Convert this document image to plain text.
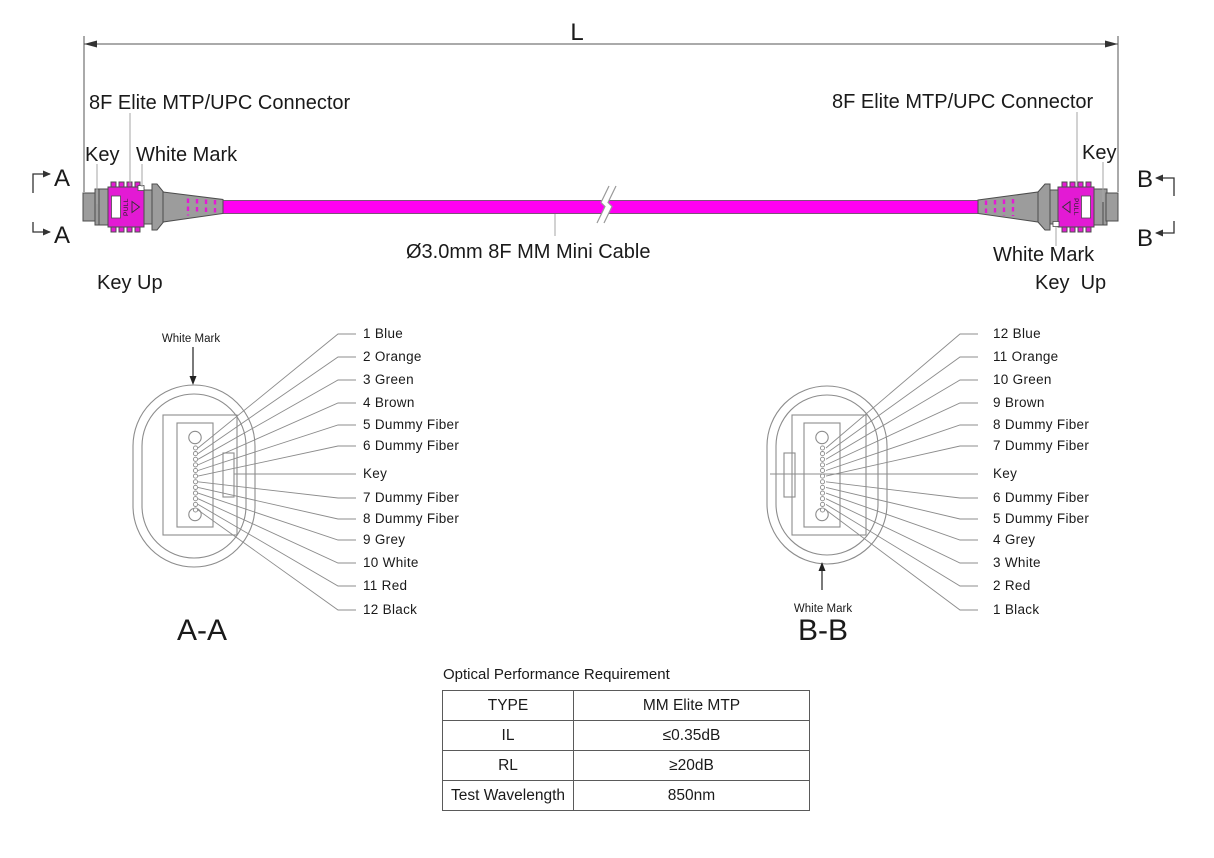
L
A
A
B
B
PULL	PULL
8F Elite MTP/UPC Connector
Key White Mark
Key Up
Ø3.0mm 8F MM Mini Cable
8F Elite MTP/UPC Connector
Key
White Mark
Key  Up
White Mark	1 Blue
2 Orange
3 Green
4 Brown
5 Dummy Fiber
6 Dummy Fiber
Key
7 Dummy Fiber
8 Dummy Fiber
9 Grey
10 White
11 Red
12 Black
A-A
White Mark
12 Blue
11 Orange
10 Green
9 Brown
8 Dummy Fiber
7 Dummy Fiber
Key
6 Dummy Fiber
5 Dummy Fiber
4 Grey
3 White
2 Red
1 Black
B-B
Optical Performance Requirement
TYPE	MM Elite MTP
IL	≤0.35dB
RL	≥20dB
Test Wavelength	850nm
